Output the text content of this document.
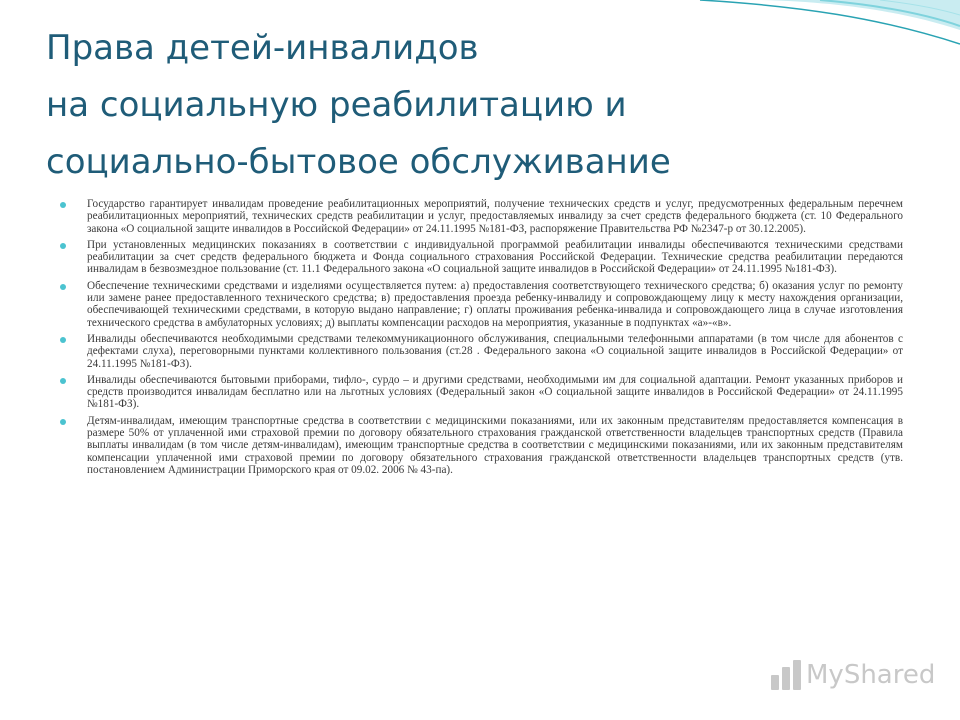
Права детей-инвалидов
на социальную реабилитацию и
социально-бытовое обслуживание
Государство гарантирует инвалидам проведение реабилитационных мероприятий, получение технических средств и услуг, предусмотренных федеральным перечнем реабилитационных мероприятий, технических средств реабилитации и услуг, предоставляемых инвалиду за счет средств федерального бюджета (ст. 10 Федерального закона «О социальной защите инвалидов в Российской Федерации» от 24.11.1995 №181-ФЗ, распоряжение Правительства РФ №2347-р от 30.12.2005).
При установленных медицинских показаниях в соответствии с индивидуальной программой реабилитации инвалиды обеспечиваются техническими средствами реабилитации за счет средств федерального бюджета и Фонда социального страхования Российской Федерации. Технические средства реабилитации передаются инвалидам в безвозмездное пользование (ст. 11.1 Федерального закона «О социальной защите инвалидов в Российской Федерации» от 24.11.1995 №181-ФЗ).
Обеспечение техническими средствами и изделиями осуществляется путем: а) предоставления соответствующего технического средства; б) оказания услуг по ремонту или замене ранее предоставленного технического средства; в) предоставления проезда ребенку-инвалиду и сопровождающему лицу к месту нахождения организации, обеспечивающей техническими средствами, в которую выдано направление; г) оплаты проживания ребенка-инвалида и сопровождающего лица в случае изготовления технического средства в амбулаторных условиях; д) выплаты компенсации расходов на мероприятия, указанные в подпунктах «а»-«в».
Инвалиды обеспечиваются необходимыми средствами телекоммуникационного обслуживания, специальными телефонными аппаратами (в том числе для абонентов с дефектами слуха), переговорными пунктами коллективного пользования (ст.28 . Федерального закона «О социальной защите инвалидов в Российской Федерации» от 24.11.1995 №181-ФЗ).
Инвалиды обеспечиваются бытовыми приборами, тифло-, сурдо – и другими средствами, необходимыми им для социальной адаптации. Ремонт указанных приборов и средств производится инвалидам бесплатно или на льготных условиях (Федеральный закон «О социальной защите инвалидов в Российской Федерации» от 24.11.1995 №181-ФЗ).
Детям-инвалидам, имеющим транспортные средства в соответствии с медицинскими показаниями, или их законным представителям предоставляется компенсация в размере 50% от уплаченной ими страховой премии по договору обязательного страхования гражданской ответственности владельцев транспортных средств (Правила выплаты инвалидам (в том числе детям-инвалидам), имеющим транспортные средства в соответствии с медицинскими показаниями, или их законным представителям компенсации уплаченной ими страховой премии по договору обязательного страхования гражданской ответственности владельцев транспортных средств (утв. постановлением Администрации Приморского края от 09.02. 2006 № 43-па).
MyShared
